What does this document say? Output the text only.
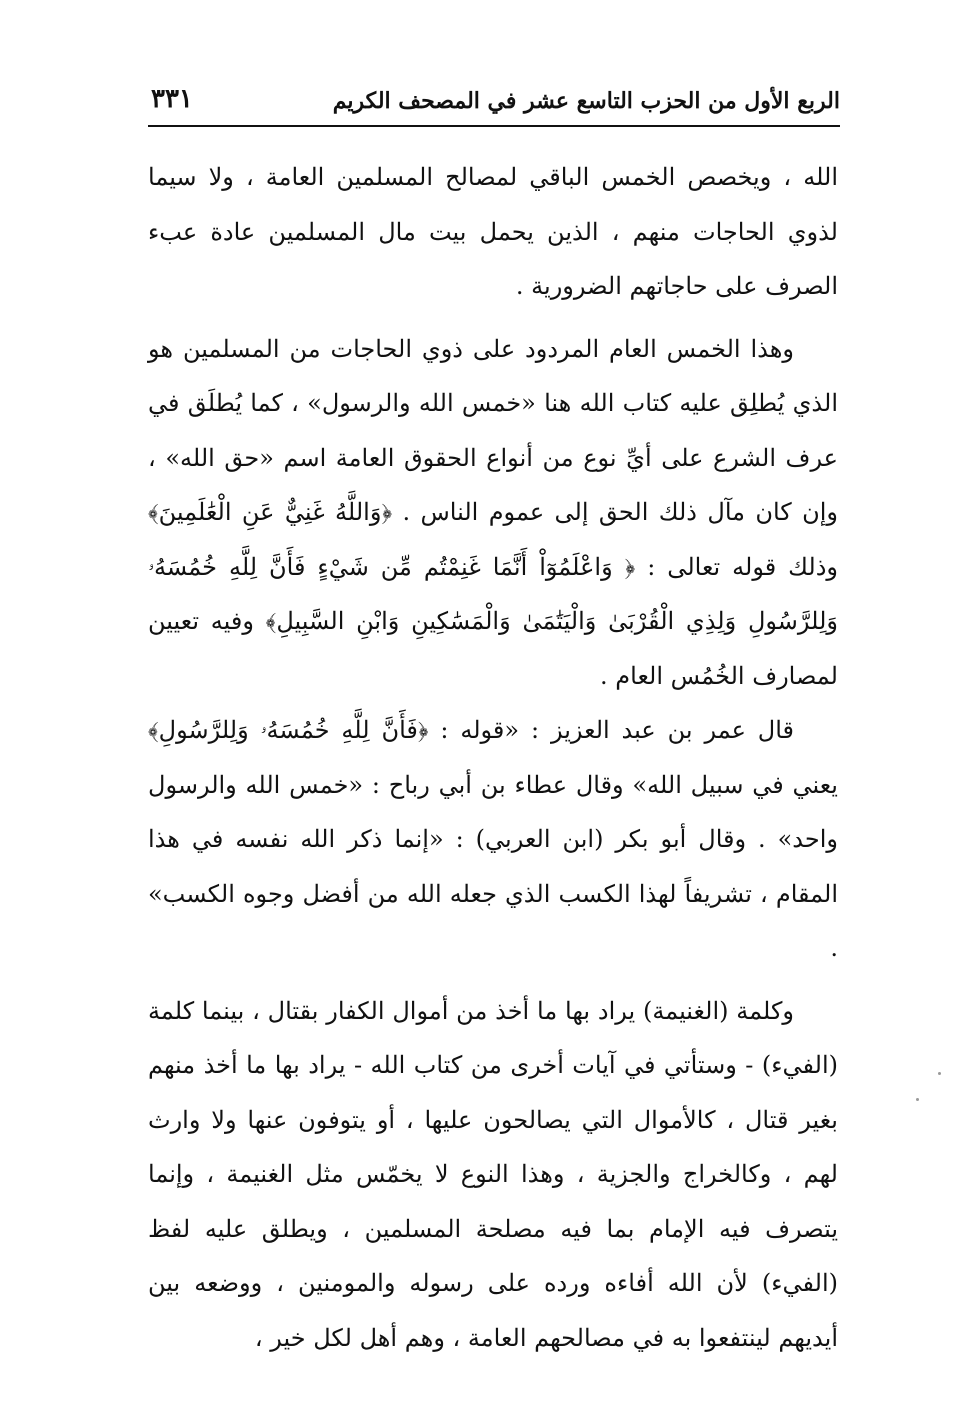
الربع الأول من الحزب التاسع عشر في المصحف الكريم
٣٣١

الله ، ويخصص الخمس الباقي لمصالح المسلمين العامة ، ولا سيما لذوي الحاجات منهم ، الذين يحمل بيت مال المسلمين عادة عبء الصرف على حاجاتهم الضرورية .

وهذا الخمس العام المردود على ذوي الحاجات من المسلمين هو الذي يُطلِق عليه كتاب الله هنا «خمس الله والرسول» ، كما يُطلَق في عرف الشرع على أيِّ نوع من أنواع الحقوق العامة اسم «حق الله» ، وإن كان مآل ذلك الحق إلى عموم الناس . ﴿وَاللَّهُ غَنِيٌّ عَنِ الْعَٰلَمِينَ﴾ وذلك قوله تعالى : ﴿ وَاعْلَمُوٓاْ أَنَّمَا غَنِمْتُم مِّن شَيْءٍ فَأَنَّ لِلَّهِ خُمُسَهُۥ وَلِلرَّسُولِ وَلِذِي الْقُرْبَىٰ وَالْيَتَٰمَىٰ وَالْمَسَٰكِينِ وَابْنِ السَّبِيلِ﴾ وفيه تعيين لمصارف الخُمُس العام .

قال عمر بن عبد العزيز : «قوله : ﴿فَأَنَّ لِلَّهِ خُمُسَهُۥ وَلِلرَّسُولِ﴾ يعني في سبيل الله» وقال عطاء بن أبي رباح : «خمس الله والرسول واحد» . وقال أبو بكر (ابن العربي) : «إنما ذكر الله نفسه في هذا المقام ، تشريفاً لهذا الكسب الذي جعله الله من أفضل وجوه الكسب» .

وكلمة (الغنيمة) يراد بها ما أخذ من أموال الكفار بقتال ، بينما كلمة (الفيء) - وستأتي في آيات أخرى من كتاب الله - يراد بها ما أخذ منهم بغير قتال ، كالأموال التي يصالحون عليها ، أو يتوفون عنها ولا وارث لهم ، وكالخراج والجزية ، وهذا النوع لا يخمّس مثل الغنيمة ، وإنما يتصرف فيه الإمام بما فيه مصلحة المسلمين ، ويطلق عليه لفظ (الفيء) لأن الله أفاءه ورده على رسوله والمومنين ، ووضعه بين أيديهم لينتفعوا به في مصالحهم العامة ، وهم أهل لكل خير ،
